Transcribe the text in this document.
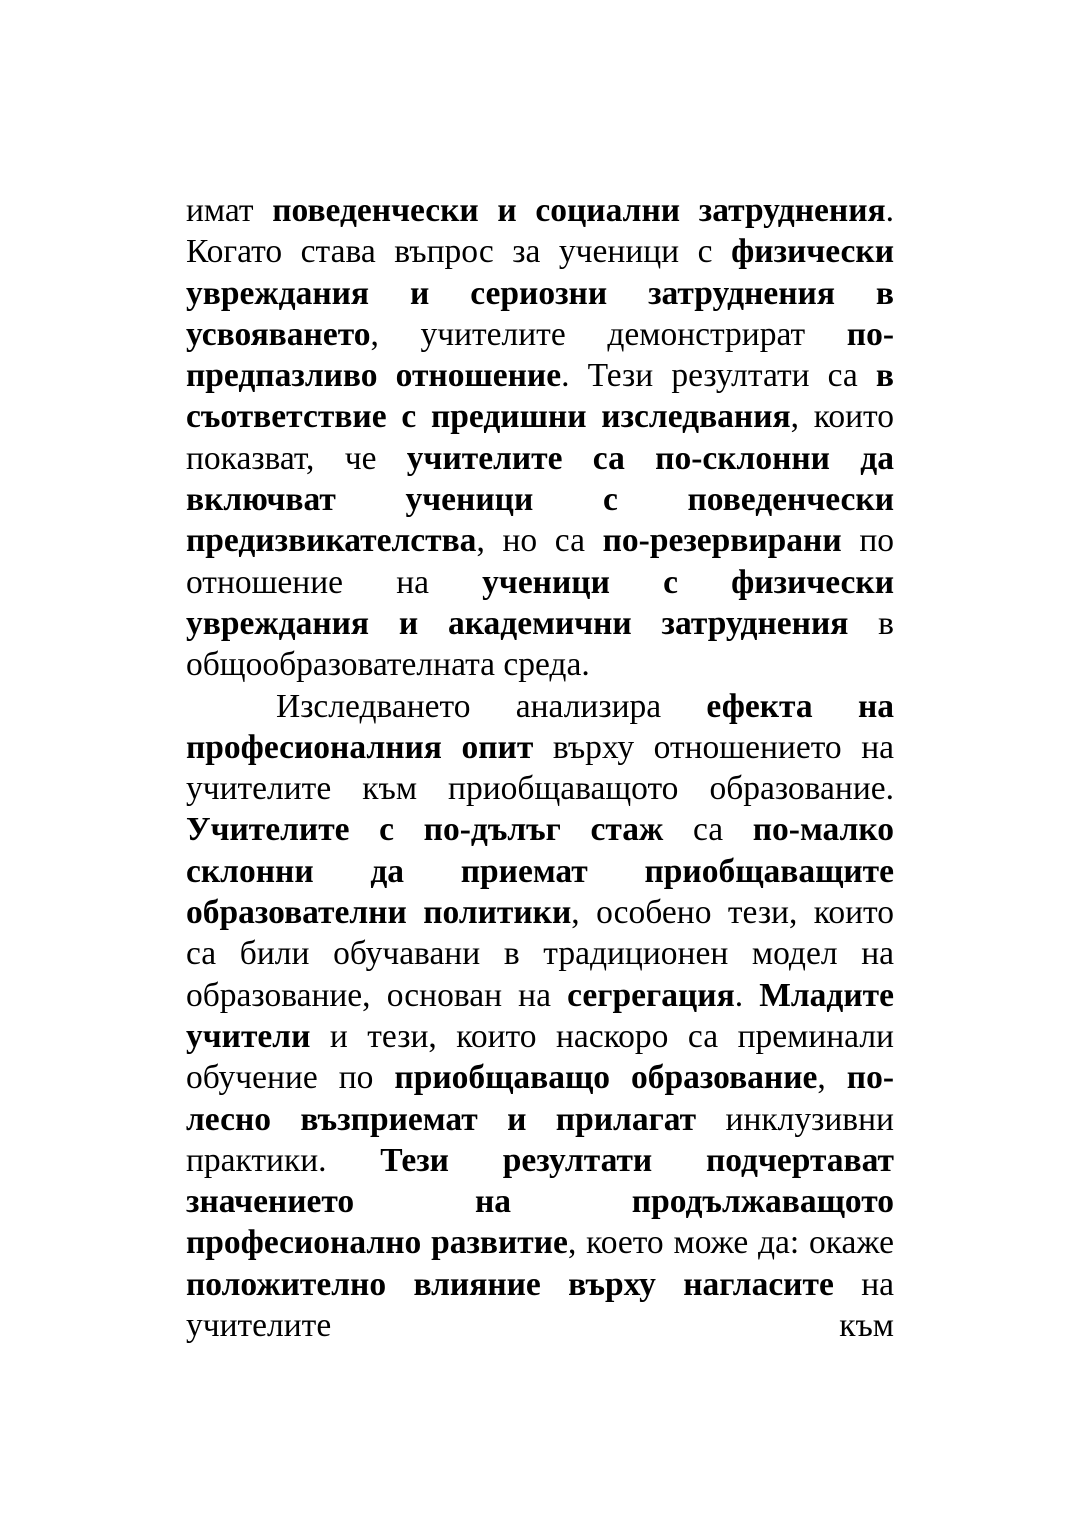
имат поведенчески и социални затруднения. Когато става въпрос за ученици с физически увреждания и сериозни затруднения в усвояването, учителите демонстрират по-предпазливо отношение. Тези резултати са в съответствие с предишни изследвания, които показват, че учителите са по-склонни да включват ученици с поведенчески предизвикателства, но са по-резервирани по отношение на ученици с физически увреждания и академични затруднения в общообразователната среда.

Изследването анализира ефекта на професионалния опит върху отношението на учителите към приобщаващото образование. Учителите с по-дълъг стаж са по-малко склонни да приемат приобщаващите образователни политики, особено тези, които са били обучавани в традиционен модел на образование, основан на сегрегация. Младите учители и тези, които наскоро са преминали обучение по приобщаващо образование, по-лесно възприемат и прилагат инклузивни практики. Тези резултати подчертават значението на продължаващото професионално развитие, което може да: окаже положително влияние върху нагласите на учителите към
